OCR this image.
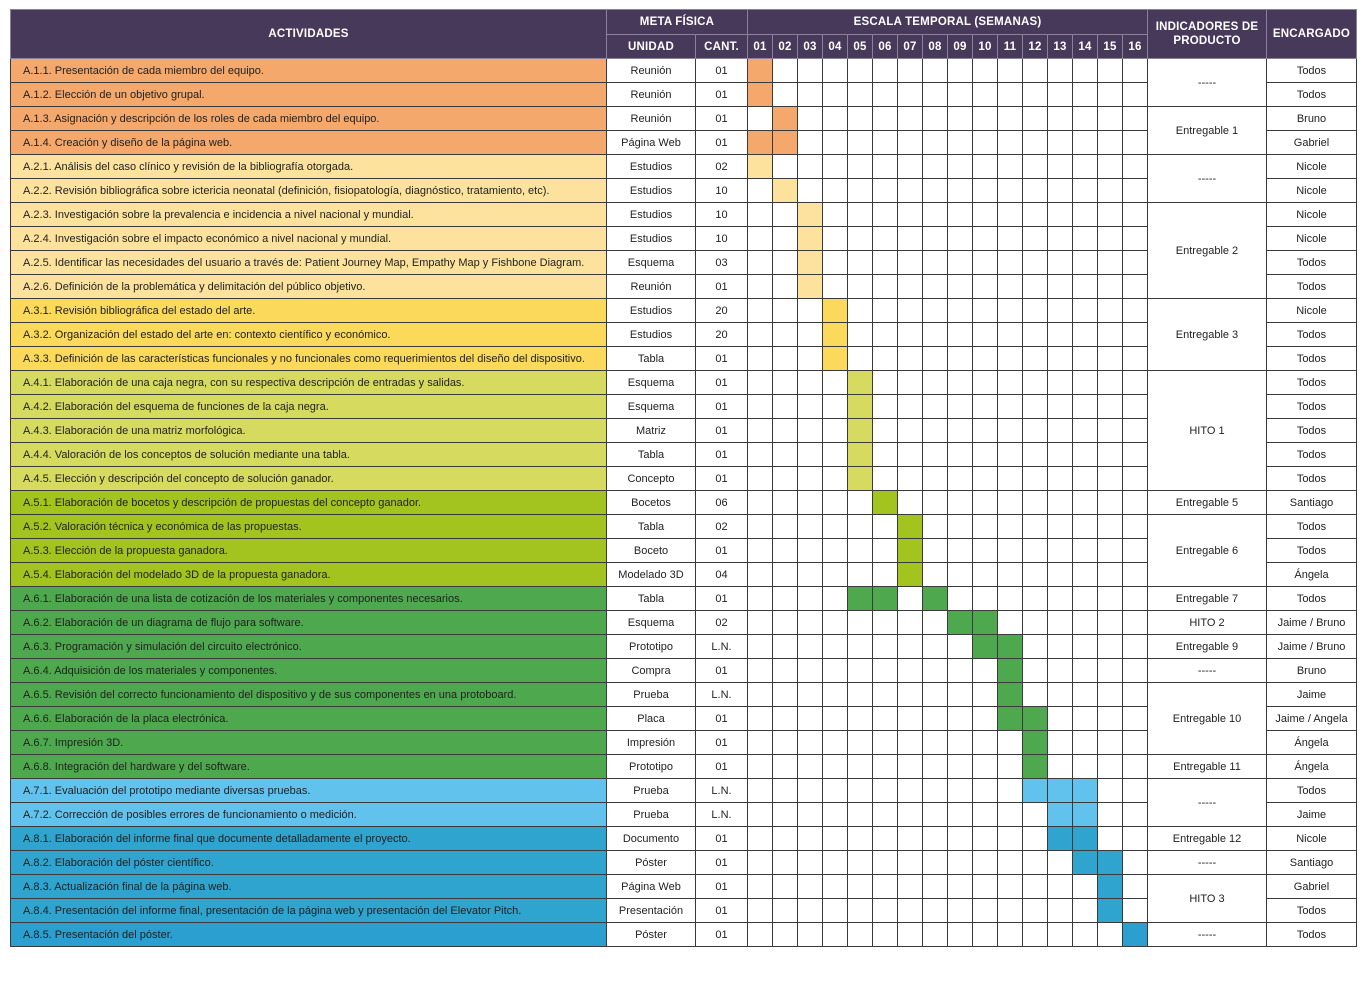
ACTIVIDADES	META FÍSICA		ESCALA TEMPORAL (SEMANAS)																INDICADORES DE PRODUCTO	ENCARGADO
	UNIDAD	CANT.	01	02	03	04	05	06	07	08	09	10	11	12	13	14	15	16		
A.1.1. Presentación de cada miembro del equipo.	Reunión	01																	-----	Todos
A.1.2. Elección de un objetivo grupal.	Reunión	01																		Todos
A.1.3. Asignación y descripción de los roles de cada miembro del equipo.	Reunión	01																	Entregable 1	Bruno
A.1.4. Creación y diseño de la página web.	Página Web	01																		Gabriel
A.2.1. Análisis del caso clínico y revisión de la bibliografía otorgada.	Estudios	02																	-----	Nicole
A.2.2. Revisión bibliográfica sobre ictericia neonatal (definición, fisiopatología, diagnóstico, tratamiento, etc).	Estudios	10																		Nicole
A.2.3. Investigación sobre la prevalencia e incidencia a nivel nacional y mundial.	Estudios	10																	Entregable 2	Nicole
A.2.4. Investigación sobre el impacto económico a nivel nacional y mundial.	Estudios	10																		Nicole
A.2.5. Identificar las necesidades del usuario a través de: Patient Journey Map, Empathy Map y Fishbone Diagram.	Esquema	03																		Todos
A.2.6. Definición de la problemática y delimitación del público objetivo.	Reunión	01																		Todos
A.3.1. Revisión bibliográfica del estado del arte.	Estudios	20																	Entregable 3	Nicole
A.3.2. Organización del estado del arte en: contexto científico y económico.	Estudios	20																		Todos
A.3.3. Definición de las características funcionales y no funcionales como requerimientos del diseño del dispositivo.	Tabla	01																		Todos
A.4.1. Elaboración de una caja negra, con su respectiva descripción de entradas y salidas.	Esquema	01																	HITO 1	Todos
A.4.2. Elaboración del esquema de funciones de la caja negra.	Esquema	01																		Todos
A.4.3. Elaboración de una matriz morfológica.	Matriz	01																		Todos
A.4.4. Valoración de los conceptos de solución mediante una tabla.	Tabla	01																		Todos
A.4.5. Elección y descripción del concepto de solución ganador.	Concepto	01																		Todos
A.5.1. Elaboración de bocetos y descripción de propuestas del concepto ganador.	Bocetos	06																	Entregable 5	Santiago
A.5.2. Valoración técnica y económica de las propuestas.	Tabla	02																	Entregable 6	Todos
A.5.3. Elección de la propuesta ganadora.	Boceto	01																		Todos
A.5.4. Elaboración del modelado 3D de la propuesta ganadora.	Modelado 3D	04																		Ángela
A.6.1. Elaboración de una lista de cotización de los materiales y componentes necesarios.	Tabla	01																	Entregable 7	Todos
A.6.2. Elaboración de un diagrama de flujo para software.	Esquema	02																	HITO 2	Jaime / Bruno
A.6.3. Programación y simulación del circuito electrónico.	Prototipo	L.N.																	Entregable 9	Jaime / Bruno
A.6.4. Adquisición de los materiales y componentes.	Compra	01																	-----	Bruno
A.6.5. Revisión del correcto funcionamiento del dispositivo y de sus componentes en una protoboard.	Prueba	L.N.																	Entregable 10	Jaime
A.6.6. Elaboración de la placa electrónica.	Placa	01																		Jaime / Angela
A.6.7. Impresión 3D.	Impresión	01																		Ángela
A.6.8. Integración del hardware y del software.	Prototipo	01																	Entregable 11	Ángela
A.7.1. Evaluación del prototipo mediante diversas pruebas.	Prueba	L.N.																	-----	Todos
A.7.2. Corrección de posibles errores de funcionamiento o medición.	Prueba	L.N.																		Jaime
A.8.1. Elaboración del informe final que documente detalladamente el proyecto.	Documento	01																	Entregable 12	Nicole
A.8.2. Elaboración del póster científico.	Póster	01																	-----	Santiago
A.8.3. Actualización final de la página web.	Página Web	01																	HITO 3	Gabriel
A.8.4. Presentación del informe final, presentación de la página web y presentación del Elevator Pitch.	Presentación	01																		Todos
A.8.5. Presentación del póster.	Póster	01																	-----	Todos
